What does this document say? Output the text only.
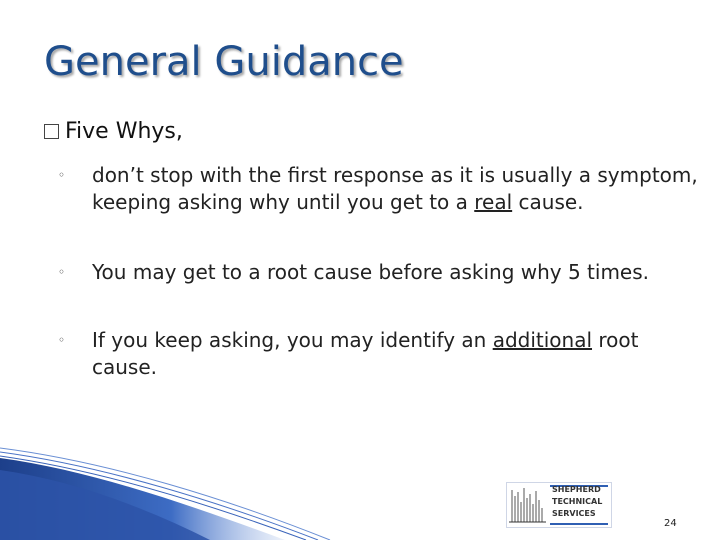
General Guidance
Five Whys,
◦ don’t stop with the first response as it is usually a symptom, keeping asking why until you get to a real cause.
◦ You may get to a root cause before asking why 5 times.
◦ If you keep asking, you may identify an additional root cause.
SHEPHERD
TECHNICAL
SERVICES
24
